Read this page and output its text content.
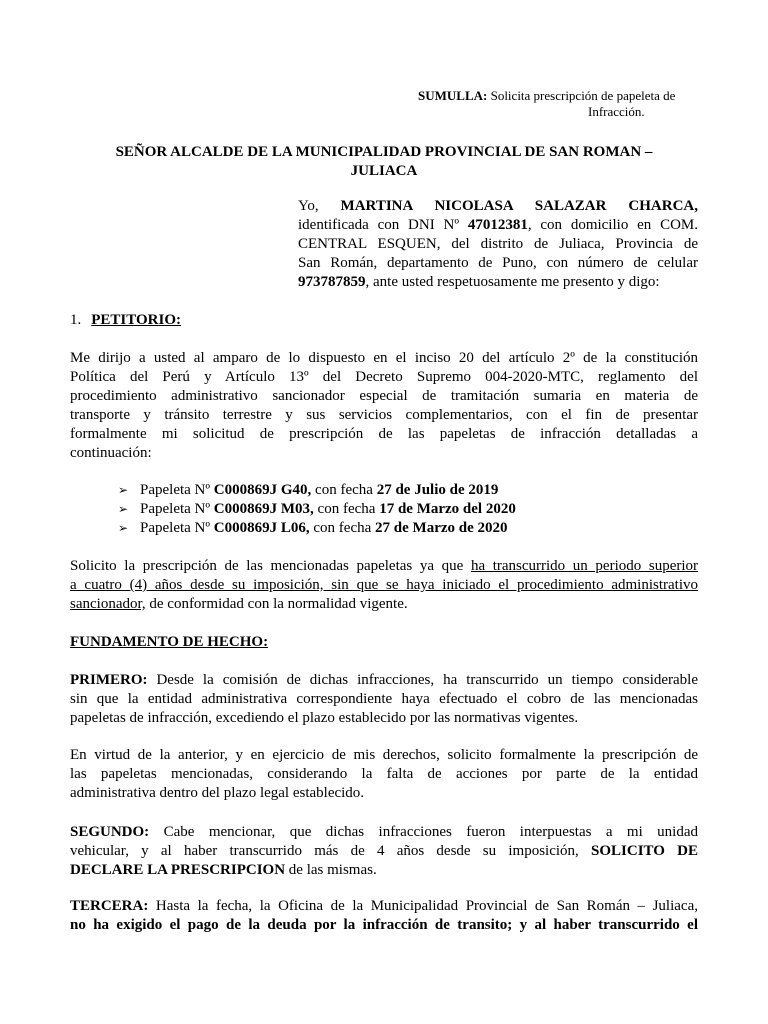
SUMULLA: Solicita prescripción de papeleta de

Infracción.

SEÑOR ALCALDE DE LA MUNICIPALIDAD PROVINCIAL DE SAN ROMAN –

JULIACA

Yo, MARTINA NICOLASA SALAZAR CHARCA,

identificada con DNI Nº 47012381, con domicilio en COM.

CENTRAL ESQUEN, del distrito de Juliaca, Provincia de

San Román, departamento de Puno, con número de celular

973787859, ante usted respetuosamente me presento y digo:

1. PETITORIO:

Me dirijo a usted al amparo de lo dispuesto en el inciso 20 del artículo 2º de la constitución

Política del Perú y Artículo 13º del Decreto Supremo 004-2020-MTC, reglamento del

procedimiento administrativo sancionador especial de tramitación sumaria en materia de

transporte y tránsito terrestre y sus servicios complementarios, con el fin de presentar

formalmente mi solicitud de prescripción de las papeletas de infracción detalladas a

continuación:

➢ Papeleta Nº C000869J G40, con fecha 27 de Julio de 2019
➢ Papeleta Nº C000869J M03, con fecha 17 de Marzo del 2020
➢ Papeleta Nº C000869J L06, con fecha 27 de Marzo de 2020

Solicito la prescripción de las mencionadas papeletas ya que ha transcurrido un periodo superior

a cuatro (4) años desde su imposición, sin que se haya iniciado el procedimiento administrativo

sancionador, de conformidad con la normalidad vigente.

FUNDAMENTO DE HECHO:

PRIMERO: Desde la comisión de dichas infracciones, ha transcurrido un tiempo considerable

sin que la entidad administrativa correspondiente haya efectuado el cobro de las mencionadas

papeletas de infracción, excediendo el plazo establecido por las normativas vigentes.

En virtud de la anterior, y en ejercicio de mis derechos, solicito formalmente la prescripción de

las papeletas mencionadas, considerando la falta de acciones por parte de la entidad

administrativa dentro del plazo legal establecido.

SEGUNDO: Cabe mencionar, que dichas infracciones fueron interpuestas a mi unidad

vehicular, y al haber transcurrido más de 4 años desde su imposición, SOLICITO DE

DECLARE LA PRESCRIPCION de las mismas.

TERCERA: Hasta la fecha, la Oficina de la Municipalidad Provincial de San Román – Juliaca,

no ha exigido el pago de la deuda por la infracción de transito; y al haber transcurrido el
